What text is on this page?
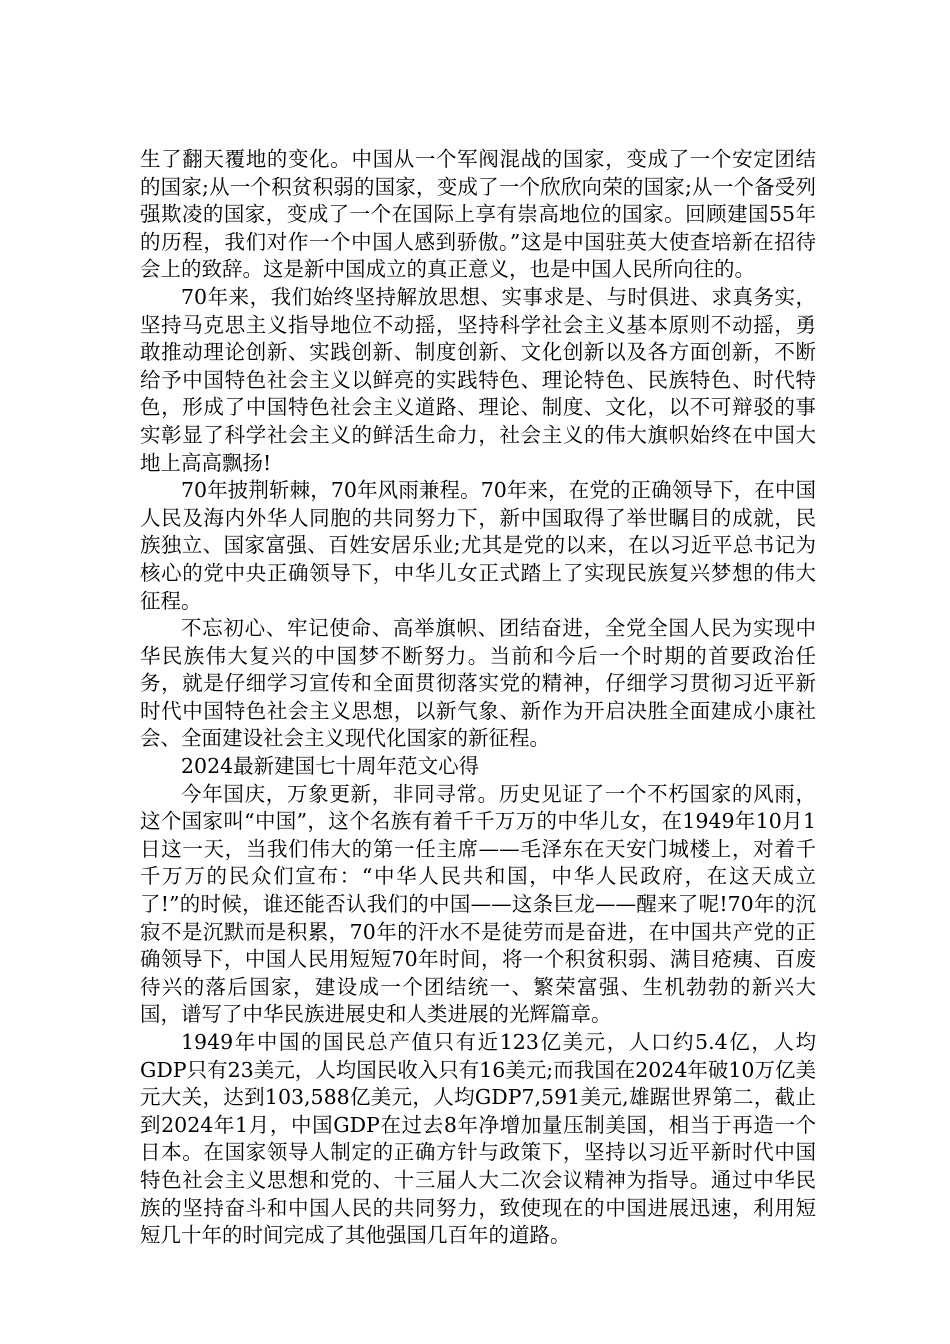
生了翻天覆地的变化。中国从一个军阀混战的国家，变成了一个安定团结的国家;从一个积贫积弱的国家，变成了一个欣欣向荣的国家;从一个备受列强欺凌的国家，变成了一个在国际上享有崇高地位的国家。回顾建国55年的历程，我们对作一个中国人感到骄傲。”这是中国驻英大使查培新在招待会上的致辞。这是新中国成立的真正意义，也是中国人民所向往的。

70年来，我们始终坚持解放思想、实事求是、与时俱进、求真务实，坚持马克思主义指导地位不动摇，坚持科学社会主义基本原则不动摇，勇敢推动理论创新、实践创新、制度创新、文化创新以及各方面创新，不断给予中国特色社会主义以鲜亮的实践特色、理论特色、民族特色、时代特色，形成了中国特色社会主义道路、理论、制度、文化，以不可辩驳的事实彰显了科学社会主义的鲜活生命力，社会主义的伟大旗帜始终在中国大地上高高飘扬!

70年披荆斩棘，70年风雨兼程。70年来，在党的正确领导下，在中国人民及海内外华人同胞的共同努力下，新中国取得了举世瞩目的成就，民族独立、国家富强、百姓安居乐业;尤其是党的以来，在以习近平总书记为核心的党中央正确领导下，中华儿女正式踏上了实现民族复兴梦想的伟大征程。

不忘初心、牢记使命、高举旗帜、团结奋进，全党全国人民为实现中华民族伟大复兴的中国梦不断努力。当前和今后一个时期的首要政治任务，就是仔细学习宣传和全面贯彻落实党的精神，仔细学习贯彻习近平新时代中国特色社会主义思想，以新气象、新作为开启决胜全面建成小康社会、全面建设社会主义现代化国家的新征程。

2024最新建国七十周年范文心得

今年国庆，万象更新，非同寻常。历史见证了一个不朽国家的风雨，这个国家叫“中国”，这个名族有着千千万万的中华儿女，在1949年10月1日这一天，当我们伟大的第一任主席——毛泽东在天安门城楼上，对着千千万万的民众们宣布：“中华人民共和国，中华人民政府，在这天成立了!”的时候，谁还能否认我们的中国——这条巨龙——醒来了呢!70年的沉寂不是沉默而是积累，70年的汗水不是徒劳而是奋进，在中国共产党的正确领导下，中国人民用短短70年时间，将一个积贫积弱、满目疮痍、百废待兴的落后国家，建设成一个团结统一、繁荣富强、生机勃勃的新兴大国，谱写了中华民族进展史和人类进展的光辉篇章。

1949年中国的国民总产值只有近123亿美元，人口约5.4亿，人均GDP只有23美元，人均国民收入只有16美元;而我国在2024年破10万亿美元大关，达到103,588亿美元，人均GDP7,591美元,雄踞世界第二，截止到2024年1月，中国GDP在过去8年净增加量压制美国，相当于再造一个日本。在国家领导人制定的正确方针与政策下，坚持以习近平新时代中国特色社会主义思想和党的、十三届人大二次会议精神为指导。通过中华民族的坚持奋斗和中国人民的共同努力，致使现在的中国进展迅速，利用短短几十年的时间完成了其他强国几百年的道路。
